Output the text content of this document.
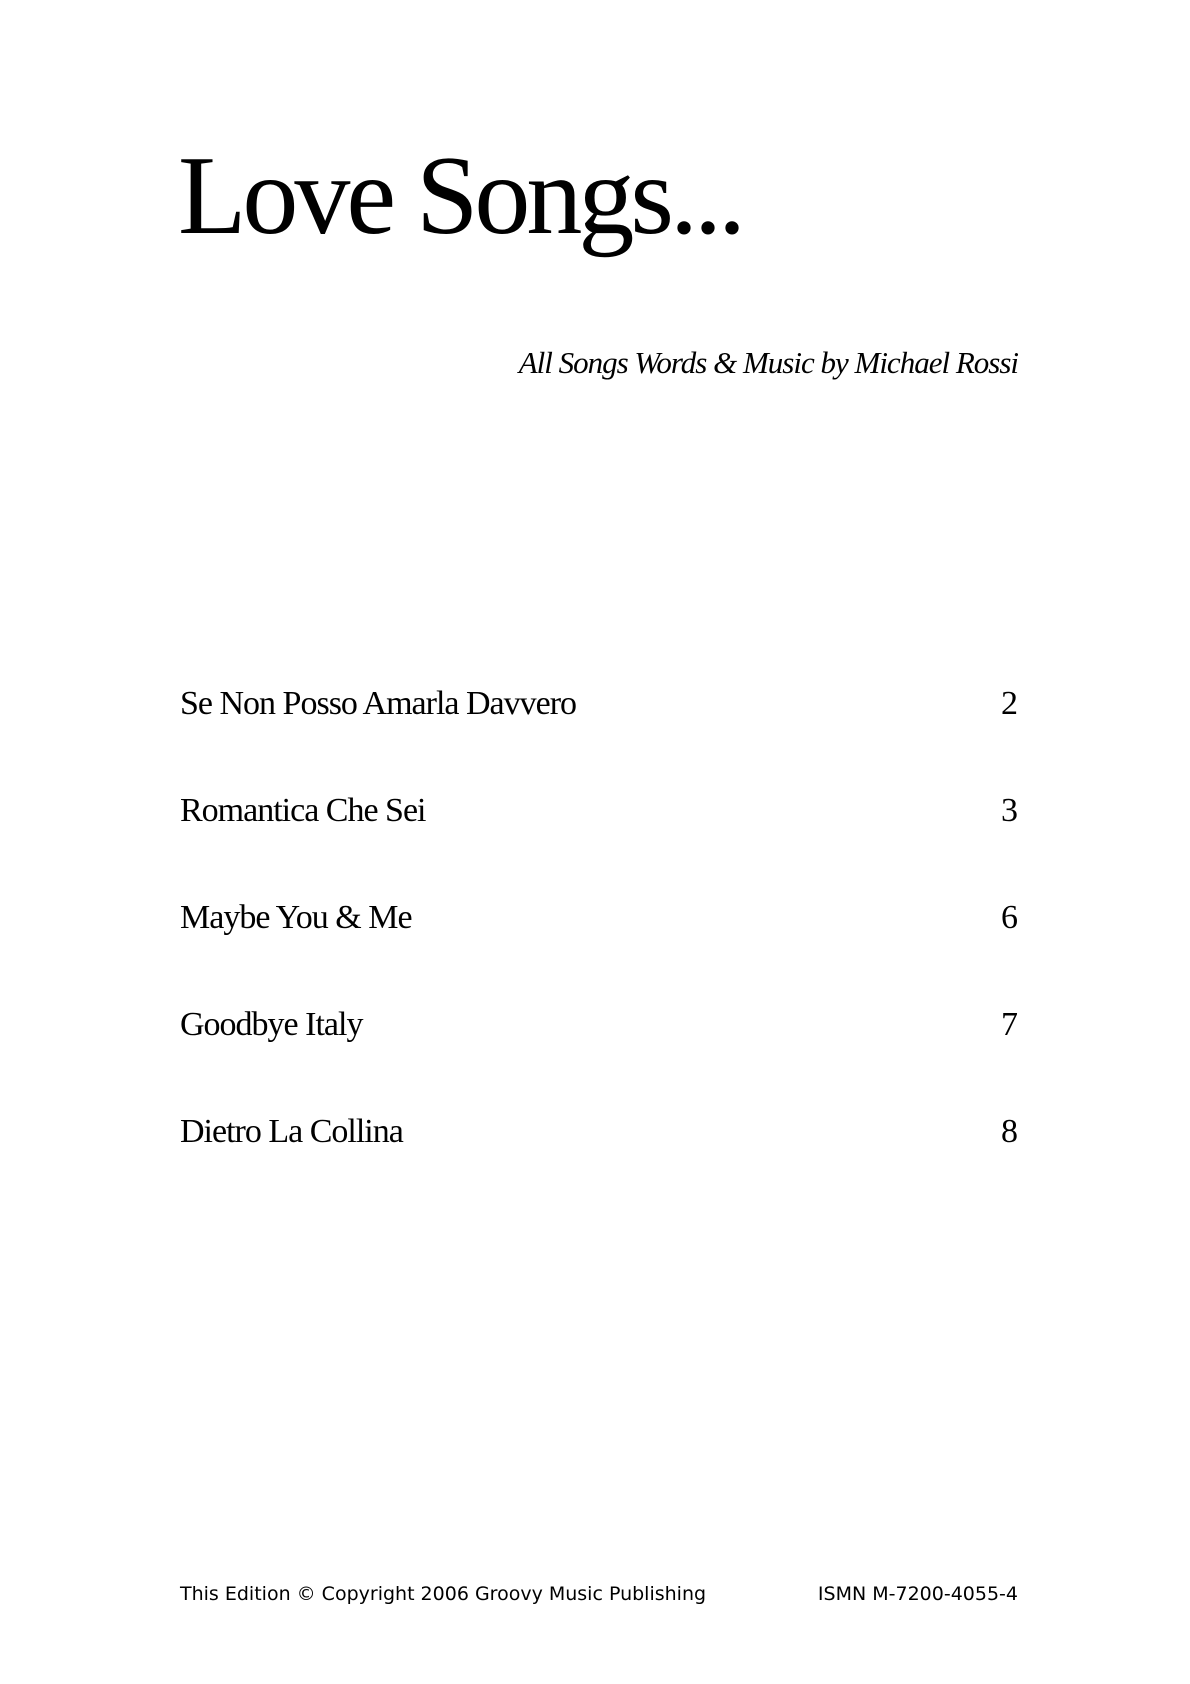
Love Songs...
All Songs Words & Music by Michael Rossi
Se Non Posso Amarla Davvero	2
Romantica Che Sei	3
Maybe You & Me	6
Goodbye Italy	7
Dietro La Collina	8
This Edition © Copyright 2006 Groovy Music Publishing	ISMN M-7200-4055-4
